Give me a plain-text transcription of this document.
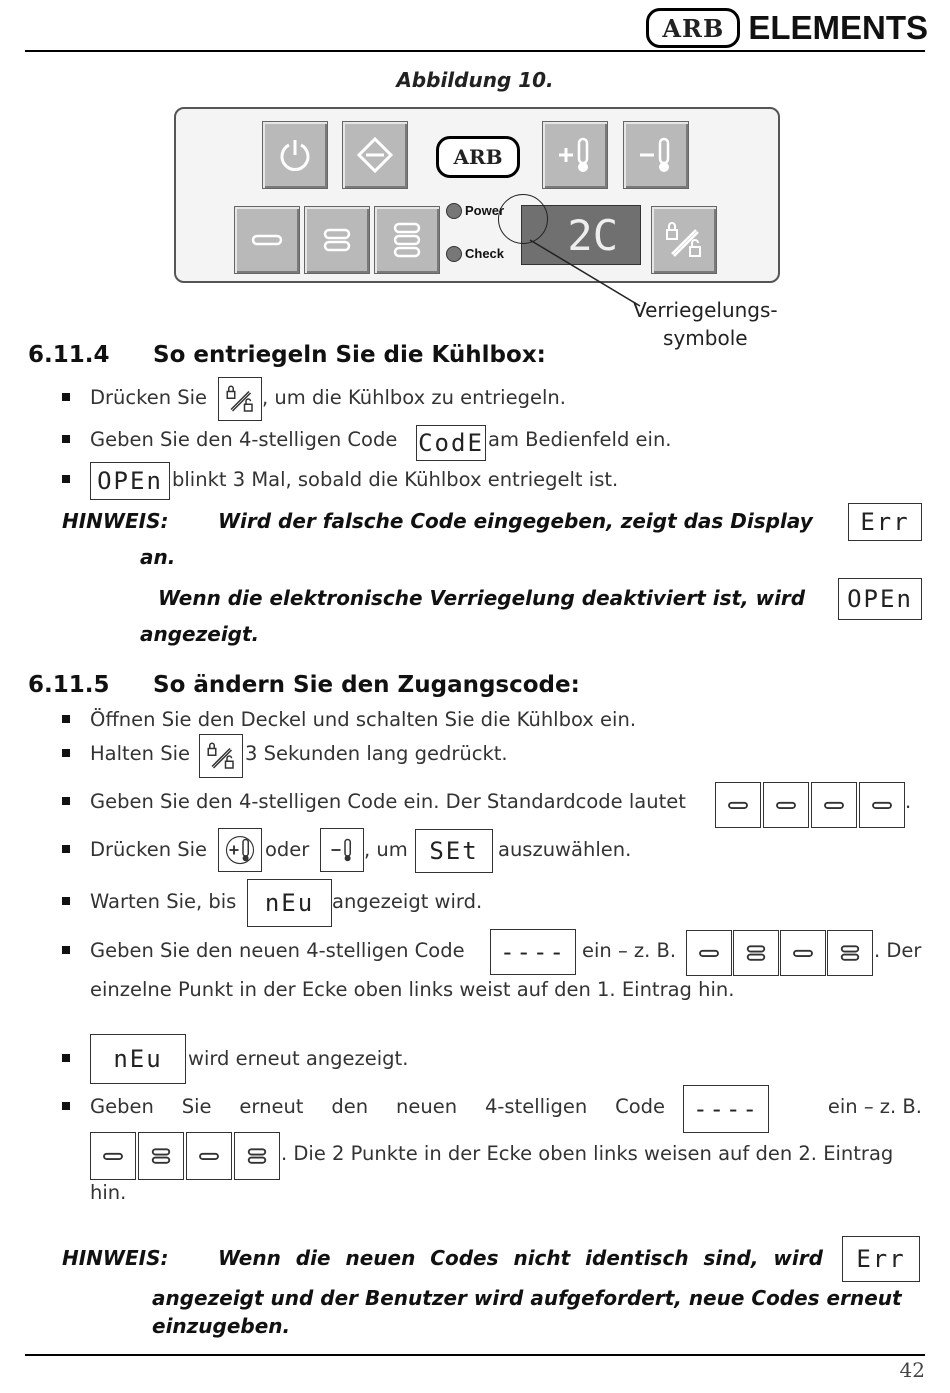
ARB ELEMENTS
Abbildung 10.
ARB
Power
Check	2C
Verriegelungs-
symbole
6.11.4 So entriegeln Sie die Kühlbox:
Drücken Sie	, um die Kühlbox zu entriegeln.
Geben Sie den 4-stelligen Code CodE am Bedienfeld ein.
OPEn blinkt 3 Mal, sobald die Kühlbox entriegelt ist.
HINWEIS: Wird der falsche Code eingegeben, zeigt das Display	Err
an.
Wenn die elektronische Verriegelung deaktiviert ist, wird	OPEn
angezeigt.
6.11.5 So ändern Sie den Zugangscode:
Öffnen Sie den Deckel und schalten Sie die Kühlbox ein.
Halten Sie	3 Sekunden lang gedrückt.
Geben Sie den 4-stelligen Code ein. Der Standardcode lautet	.
Drücken Sie	oder	, um SEt auszuwählen.
Warten Sie, bis	nEu angezeigt wird.
Geben Sie den neuen 4-stelligen Code	---- ein – z. B.	. Der
einzelne Punkt in der Ecke oben links weist auf den 1. Eintrag hin.
nEu	wird erneut angezeigt.
Geben Sie erneut den neuen 4-stelligen Code	----	ein – z. B.
. Die 2 Punkte in der Ecke oben links weisen auf den 2. Eintrag
hin.
HINWEIS: Wenn die neuen Codes nicht identisch sind, wird	Err
angezeigt und der Benutzer wird aufgefordert, neue Codes erneut
einzugeben.
42
